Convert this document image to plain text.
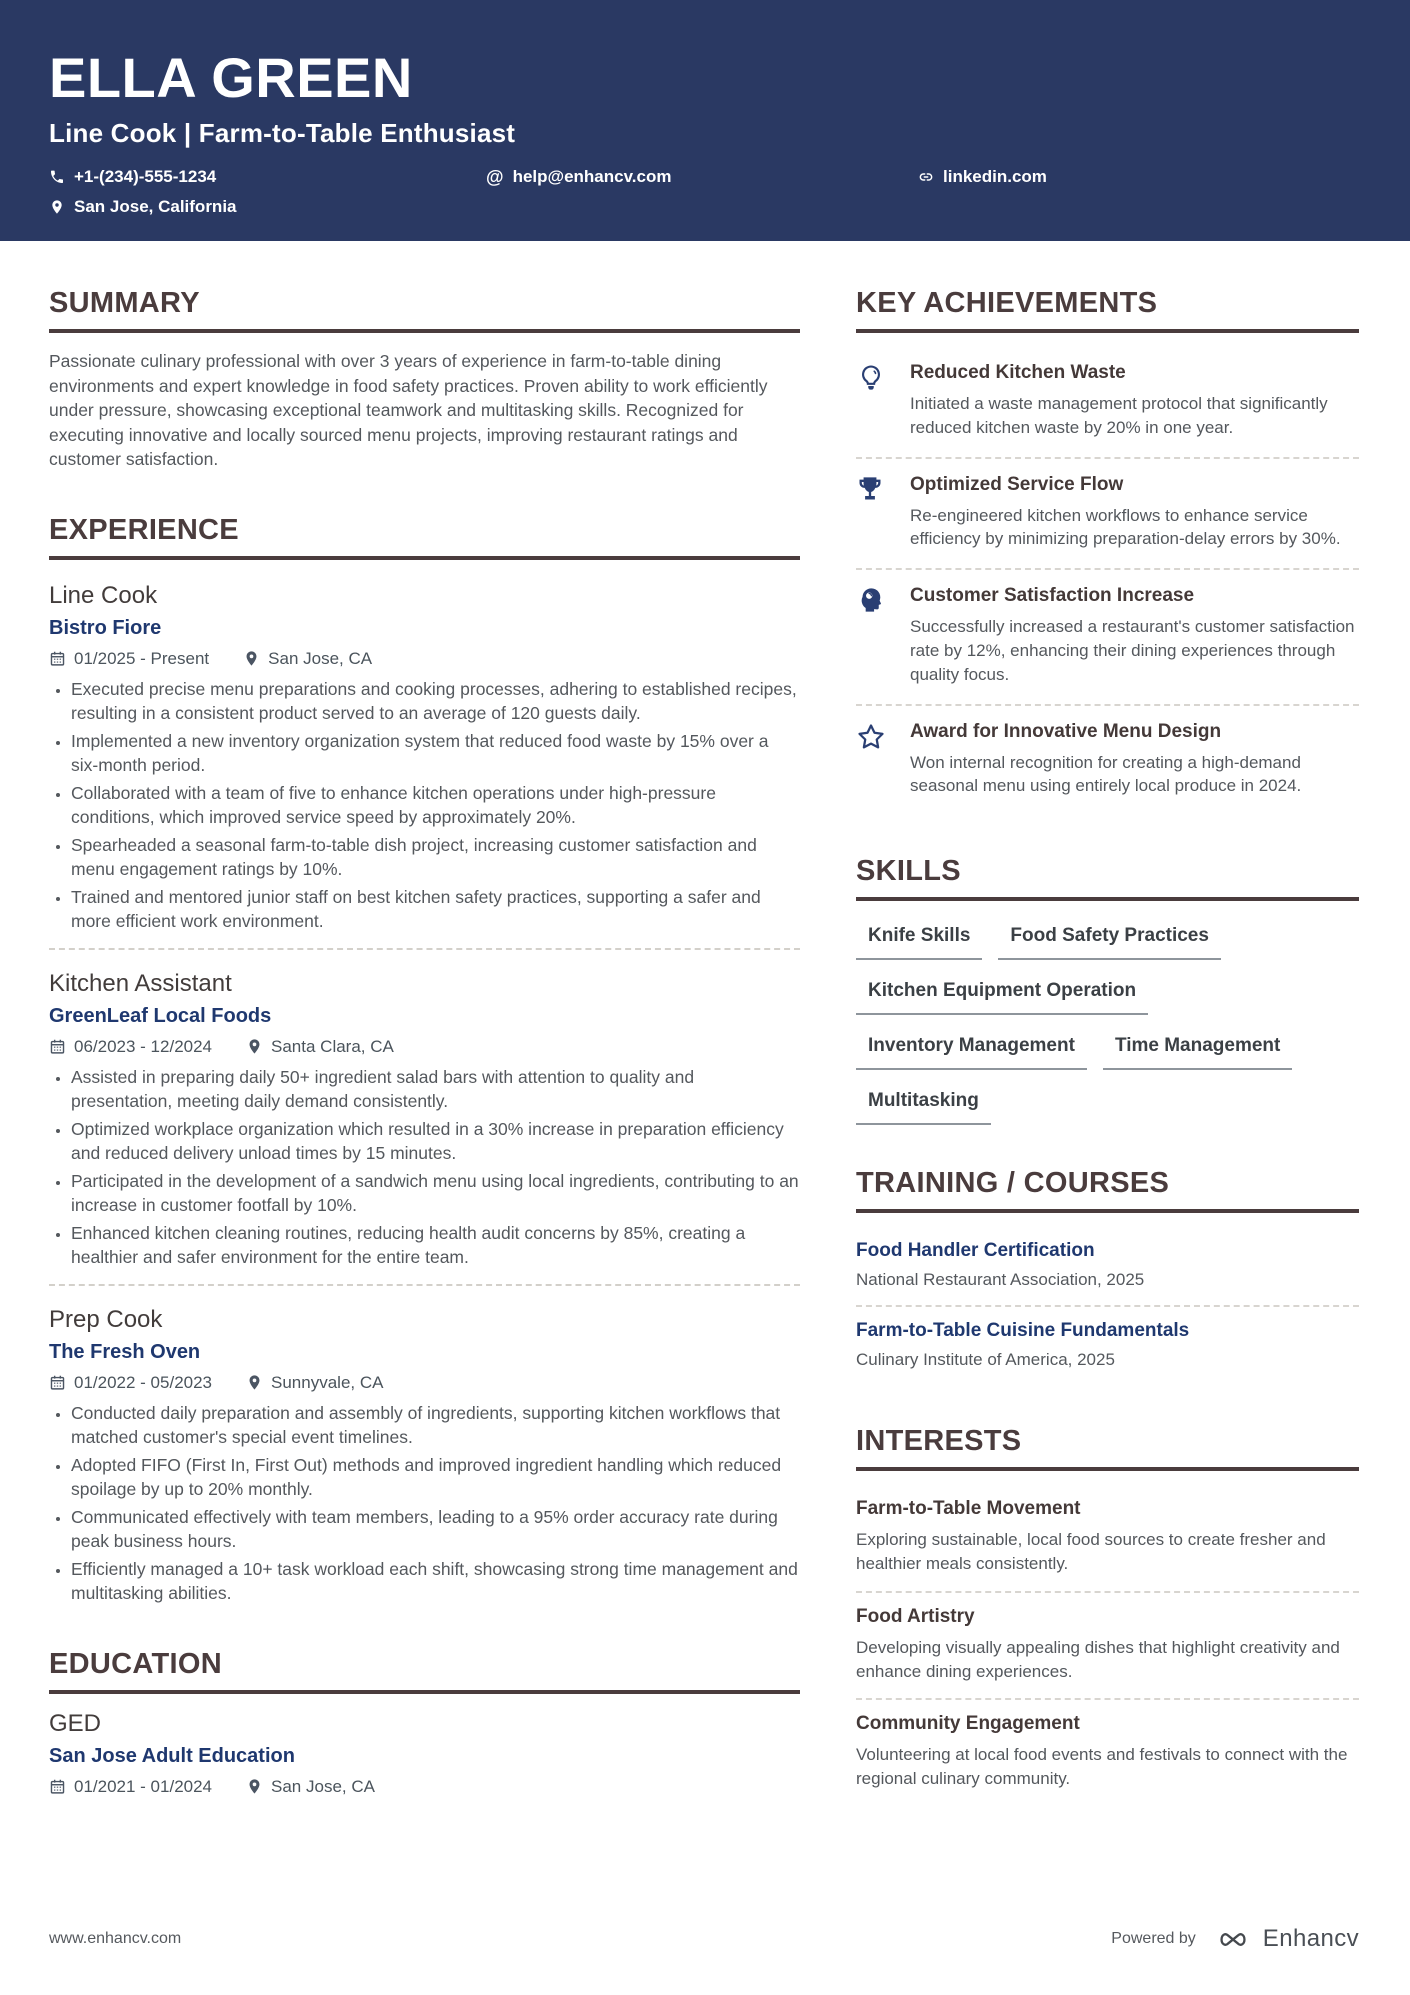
ELLA GREEN
Line Cook | Farm-to-Table Enthusiast
+1-(234)-555-1234	@ help@enhancv.com	linkedin.com
San Jose, California
SUMMARY

Passionate culinary professional with over 3 years of experience in farm-to-table dining environments and expert knowledge in food safety practices. Proven ability to work efficiently under pressure, showcasing exceptional teamwork and multitasking skills. Recognized for executing innovative and locally sourced menu projects, improving restaurant ratings and customer satisfaction.

EXPERIENCE
Line Cook
Bistro Fiore
01/2025 - Present	San Jose, CA
• Executed precise menu preparations and cooking processes, adhering to established recipes, resulting in a consistent product served to an average of 120 guests daily.
• Implemented a new inventory organization system that reduced food waste by 15% over a six-month period.
• Collaborated with a team of five to enhance kitchen operations under high-pressure conditions, which improved service speed by approximately 20%.
• Spearheaded a seasonal farm-to-table dish project, increasing customer satisfaction and menu engagement ratings by 10%.
• Trained and mentored junior staff on best kitchen safety practices, supporting a safer and more efficient work environment.
Kitchen Assistant
GreenLeaf Local Foods
06/2023 - 12/2024	Santa Clara, CA
• Assisted in preparing daily 50+ ingredient salad bars with attention to quality and presentation, meeting daily demand consistently.
• Optimized workplace organization which resulted in a 30% increase in preparation efficiency and reduced delivery unload times by 15 minutes.
• Participated in the development of a sandwich menu using local ingredients, contributing to an increase in customer footfall by 10%.
• Enhanced kitchen cleaning routines, reducing health audit concerns by 85%, creating a healthier and safer environment for the entire team.
Prep Cook
The Fresh Oven
01/2022 - 05/2023	Sunnyvale, CA
• Conducted daily preparation and assembly of ingredients, supporting kitchen workflows that matched customer's special event timelines.
• Adopted FIFO (First In, First Out) methods and improved ingredient handling which reduced spoilage by up to 20% monthly.
• Communicated effectively with team members, leading to a 95% order accuracy rate during peak business hours.
• Efficiently managed a 10+ task workload each shift, showcasing strong time management and multitasking abilities.
EDUCATION
GED
San Jose Adult Education
01/2021 - 01/2024	San Jose, CA
KEY ACHIEVEMENTS
Reduced Kitchen Waste
Initiated a waste management protocol that significantly reduced kitchen waste by 20% in one year.
Optimized Service Flow
Re-engineered kitchen workflows to enhance service efficiency by minimizing preparation-delay errors by 30%.
Customer Satisfaction Increase
Successfully increased a restaurant's customer satisfaction rate by 12%, enhancing their dining experiences through quality focus.
Award for Innovative Menu Design
Won internal recognition for creating a high-demand seasonal menu using entirely local produce in 2024.
SKILLS
Knife Skills	Food Safety Practices
Kitchen Equipment Operation
Inventory Management	Time Management
Multitasking
TRAINING / COURSES
Food Handler Certification
National Restaurant Association, 2025
Farm-to-Table Cuisine Fundamentals
Culinary Institute of America, 2025
INTERESTS
Farm-to-Table Movement
Exploring sustainable, local food sources to create fresher and healthier meals consistently.
Food Artistry
Developing visually appealing dishes that highlight creativity and enhance dining experiences.
Community Engagement
Volunteering at local food events and festivals to connect with the regional culinary community.
www.enhancv.com	Powered by	Enhancv
